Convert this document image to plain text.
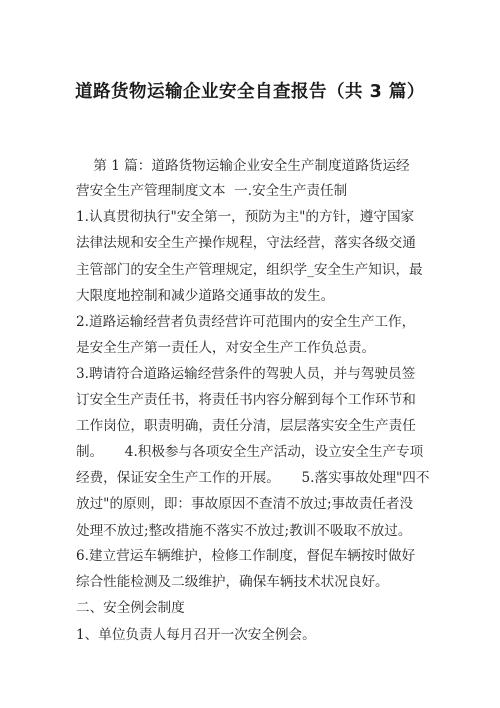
道路货物运输企业安全自查报告（共 3 篇）
第 1 篇：道路货物运输企业安全生产制度道路货运经
营安全生产管理制度文本  一.安全生产责任制
1.认真贯彻执行"安全第一，预防为主"的方针，遵守国家
法律法规和安全生产操作规程，守法经营，落实各级交通
主管部门的安全生产管理规定，组织学_安全生产知识，最
大限度地控制和减少道路交通事故的发生。
2.道路运输经营者负责经营许可范围内的安全生产工作，
是安全生产第一责任人，对安全生产工作负总责。
3.聘请符合道路运输经营条件的驾驶人员，并与驾驶员签
订安全生产责任书，将责任书内容分解到每个工作环节和
工作岗位，职责明确，责任分清，层层落实安全生产责任
制。     4.积极参与各项安全生产活动，设立安全生产专项
经费，保证安全生产工作的开展。     5.落实事故处理"四不
放过"的原则，即：事故原因不查清不放过;事故责任者没
处理不放过;整改措施不落实不放过;教训不吸取不放过。
6.建立营运车辆维护，检修工作制度，督促车辆按时做好
综合性能检测及二级维护，确保车辆技术状况良好。
二、安全例会制度
1、单位负责人每月召开一次安全例会。
